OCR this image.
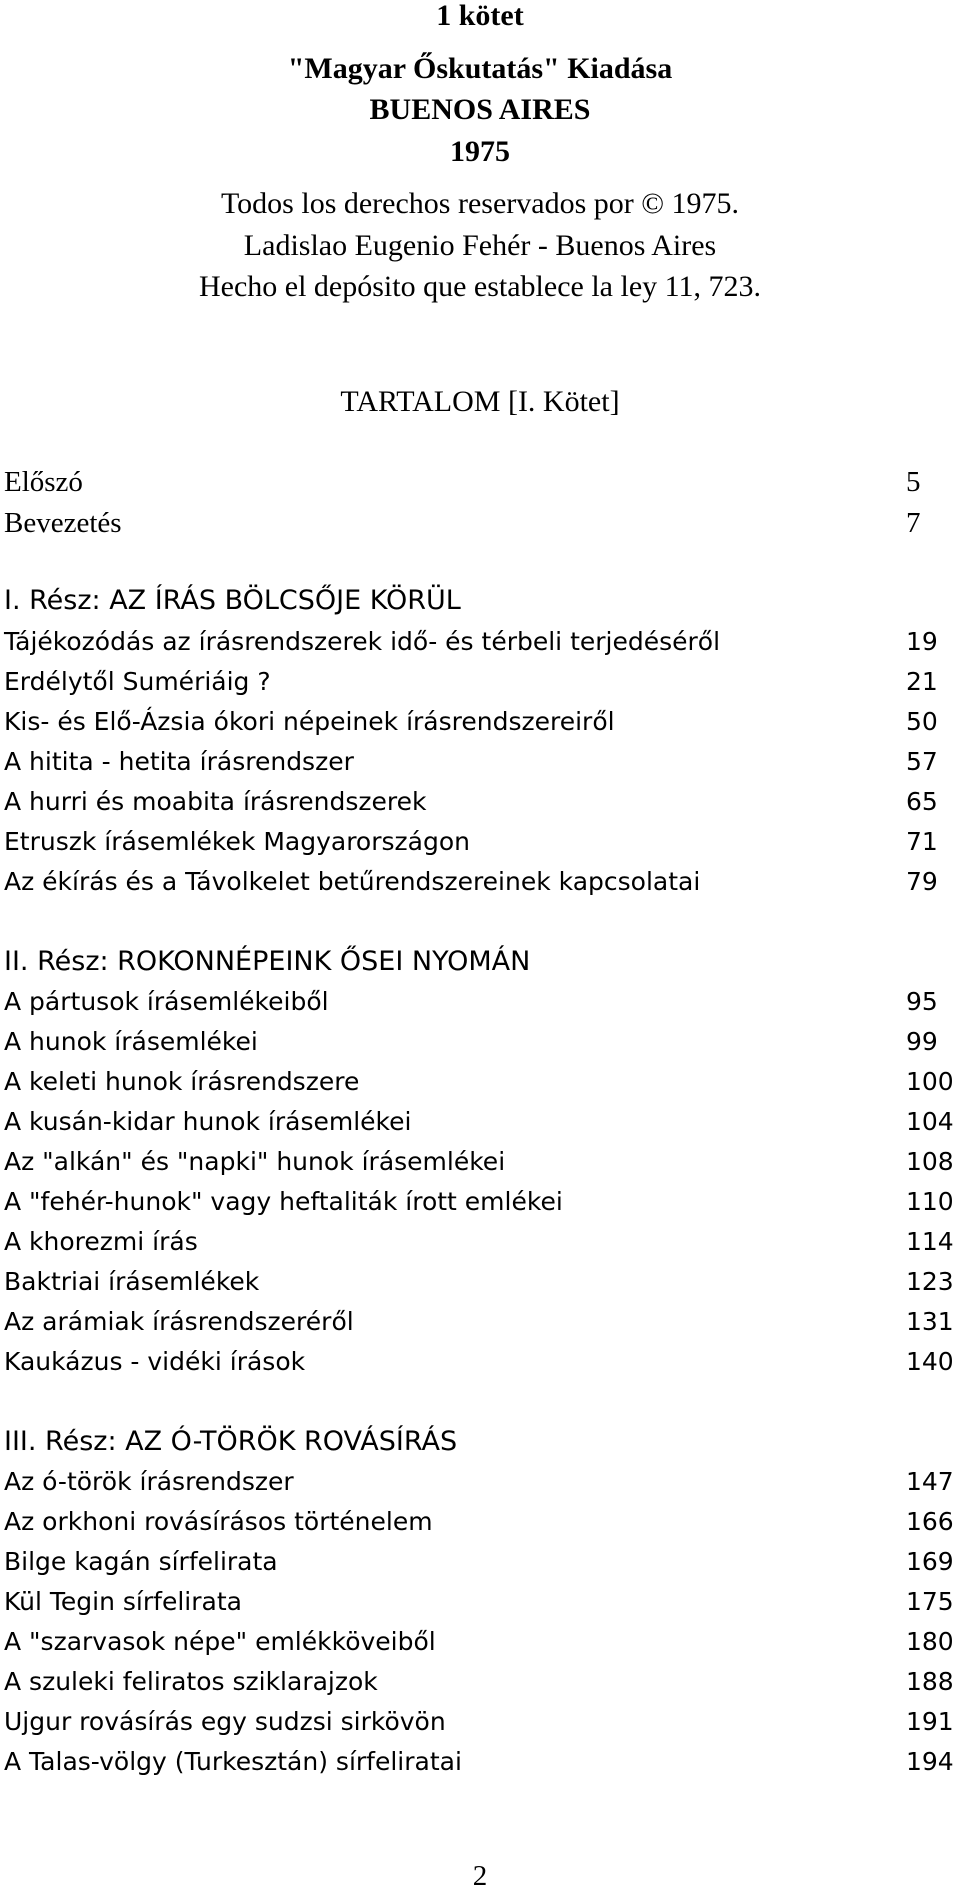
1 kötet
"Magyar Őskutatás" Kiadása
BUENOS AIRES
1975
Todos los derechos reservados por © 1975.
Ladislao Eugenio Fehér - Buenos Aires
Hecho el depósito que establece la ley 11, 723.
TARTALOM [I. Kötet]
Előszó	5
Bevezetés	7
I. Rész: AZ ÍRÁS BÖLCSŐJE KÖRÜL
Tájékozódás az írásrendszerek idő- és térbeli terjedéséről	19
Erdélytől Sumériáig ?	21
Kis- és Elő-Ázsia ókori népeinek írásrendszereiről	50
A hitita - hetita írásrendszer	57
A hurri és moabita írásrendszerek	65
Etruszk írásemlékek Magyarországon	71
Az ékírás és a Távolkelet betűrendszereinek kapcsolatai	79
II. Rész: ROKONNÉPEINK ŐSEI NYOMÁN
A pártusok írásemlékeiből	95
A hunok írásemlékei	99
A keleti hunok írásrendszere	100
A kusán-kidar hunok írásemlékei	104
Az "alkán" és "napki" hunok írásemlékei	108
A "fehér-hunok" vagy heftaliták írott emlékei	110
A khorezmi írás	114
Baktriai írásemlékek	123
Az arámiak írásrendszeréről	131
Kaukázus - vidéki írások	140
III. Rész: AZ Ó-TÖRÖK ROVÁSÍRÁS
Az ó-török írásrendszer	147
Az orkhoni rovásírásos történelem	166
Bilge kagán sírfelirata	169
Kül Tegin sírfelirata	175
A "szarvasok népe" emlékköveiből	180
A szuleki feliratos sziklarajzok	188
Ujgur rovásírás egy sudzsi sirkövön	191
A Talas-völgy (Turkesztán) sírfeliratai	194
2
